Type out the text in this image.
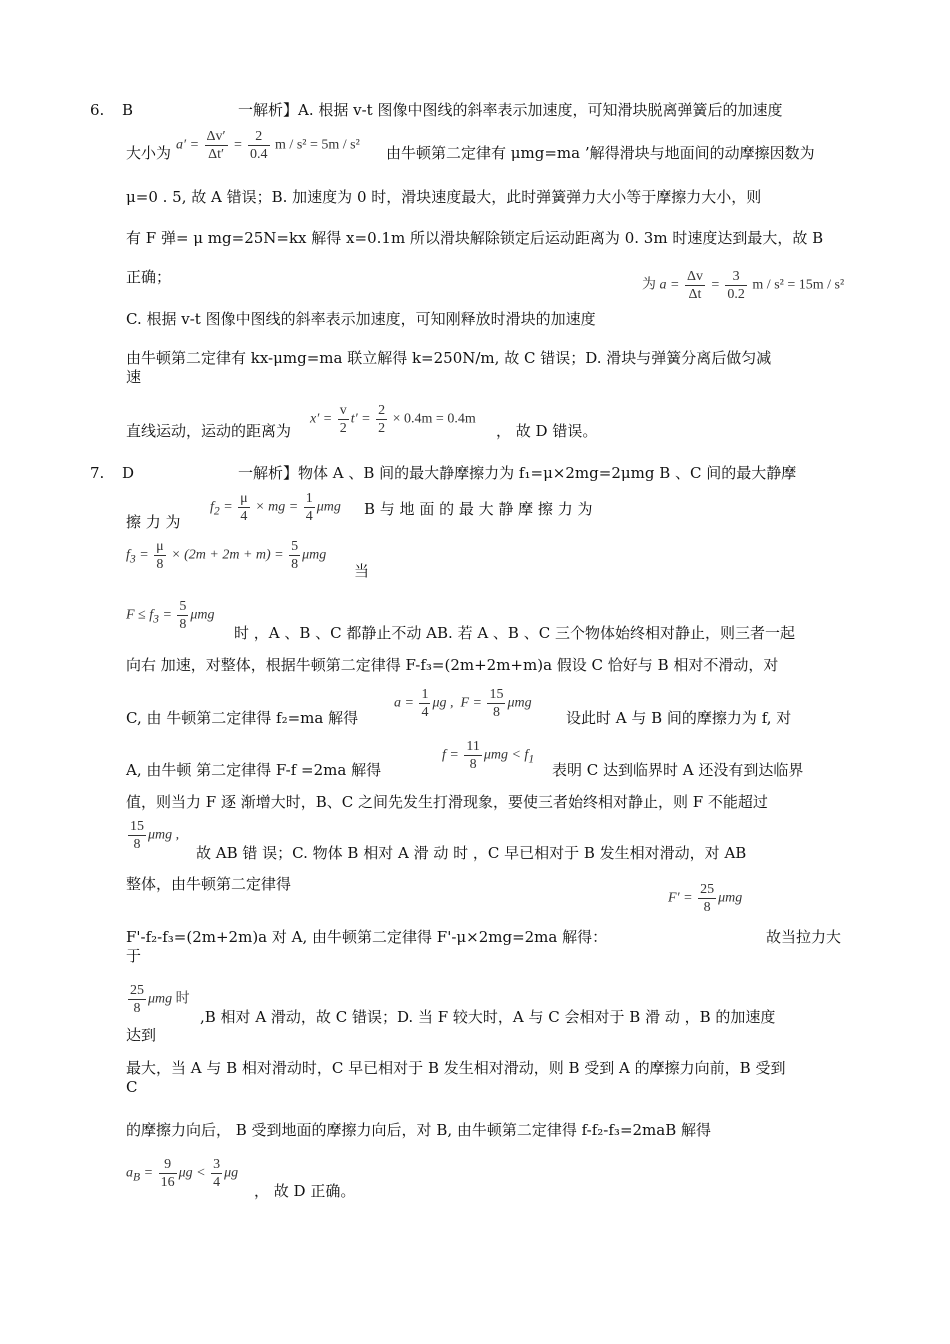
6. B	一解析】A. 根据 v-t 图像中图线的斜率表示加速度，可知滑块脱离弹簧后的加速度
大小为 $a' = \frac{\Delta v'}{\Delta t'} = \frac{2}{0.4}$ m / s² = 5m / s² 由牛顿第二定律有 μmg=ma ’解得滑块与地面间的动摩擦因数为
μ=0 . 5, 故 A 错误；B. 加速度为 0 时，滑块速度最大，此时弹簧弹力大小等于摩擦力大小，则
有 F 弹= μ mg=25N=kx 解得 x=0.1m 所以滑块解除锁定后运动距离为 0. 3m 时速度达到最大，故 B
正确；	为 $a = \frac{\Delta v}{\Delta t} = \frac{3}{0.2}$ m / s² = 15m / s²
C. 根据 v-t 图像中图线的斜率表示加速度，可知刚释放时滑块的加速度
由牛顿第二定律有 kx-μmg=ma 联立解得 k=250N/m, 故 C 错误；D. 滑块与弹簧分离后做匀减
速
直线运动，运动的距离为
$x' = \frac{v}{2} t' = \frac{2}{2} \times 0.4m = 0.4m$
， 故 D 错误。
7. D	一解析】物体 A 、B 间的最大静摩擦力为 f₁=μ×2mg=2μmg B 、C 间的最大静摩
擦 力 为
$f_2 = \frac{\mu}{4}$ × mg = $\frac{1}{4}$ μmg B 与 地 面 的 最 大 静 摩 擦 力 为
$f_3 = \frac{\mu}{8} \times (2m + 2m + m) = \frac{5}{8}$ μmg
当
$F \le f_3 = \frac{5}{8}$ μmg
时 ，A 、B 、C 都静止不动 AB. 若 A 、B 、C 三个物体始终相对静止，则三者一起
向右 加速，对整体，根据牛顿第二定律得 F-f₃=(2m+2m+m)a 假设 C 恰好与 B 相对不滑动，对
C, 由 牛顿第二定律得 f₂=ma 解得
$a = \frac{1}{4}$ μg ,  $F = \frac{15}{8}$ μmg
设此时 A 与 B 间的摩擦力为 f, 对
A, 由牛顿 第二定律得 F-f =2ma 解得
$f = \frac{11}{8}$ $\mu mg < f_1$
表明 C 达到临界时 A 还没有到达临界
值，则当力 F 逐 渐增大时，B、C 之间先发生打滑现象，要使三者始终相对静止，则 F 不能超过
$\frac{15}{8}$ μmg ,
故 AB 错 误；C. 物体 B 相对 A 滑 动 时 ，C 早已相对于 B 发生相对滑动，对 AB
整体，由牛顿第二定律得
$F' = \frac{25}{8}$ μmg
F'-f₂-f₃=(2m+2m)a 对 A, 由牛顿第二定律得 F'-μ×2mg=2ma 解得：	故当拉力大
于
$\frac{25}{8}$ μmg 时
,B 相对 A 滑动，故 C 错误；D. 当 F 较大时，A 与 C 会相对于 B 滑 动 ，B 的加速度
达到
最大，当 A 与 B 相对滑动时，C 早已相对于 B 发生相对滑动，则 B 受到 A 的摩擦力向前，B 受到
C
的摩擦力向后， B 受到地面的摩擦力向后，对 B, 由牛顿第二定律得 f-f₂-f₃=2maB 解得
$a_B = \frac{9}{16}$ $\mu g < \frac{3}{4}$ μg
， 故 D 正确。
